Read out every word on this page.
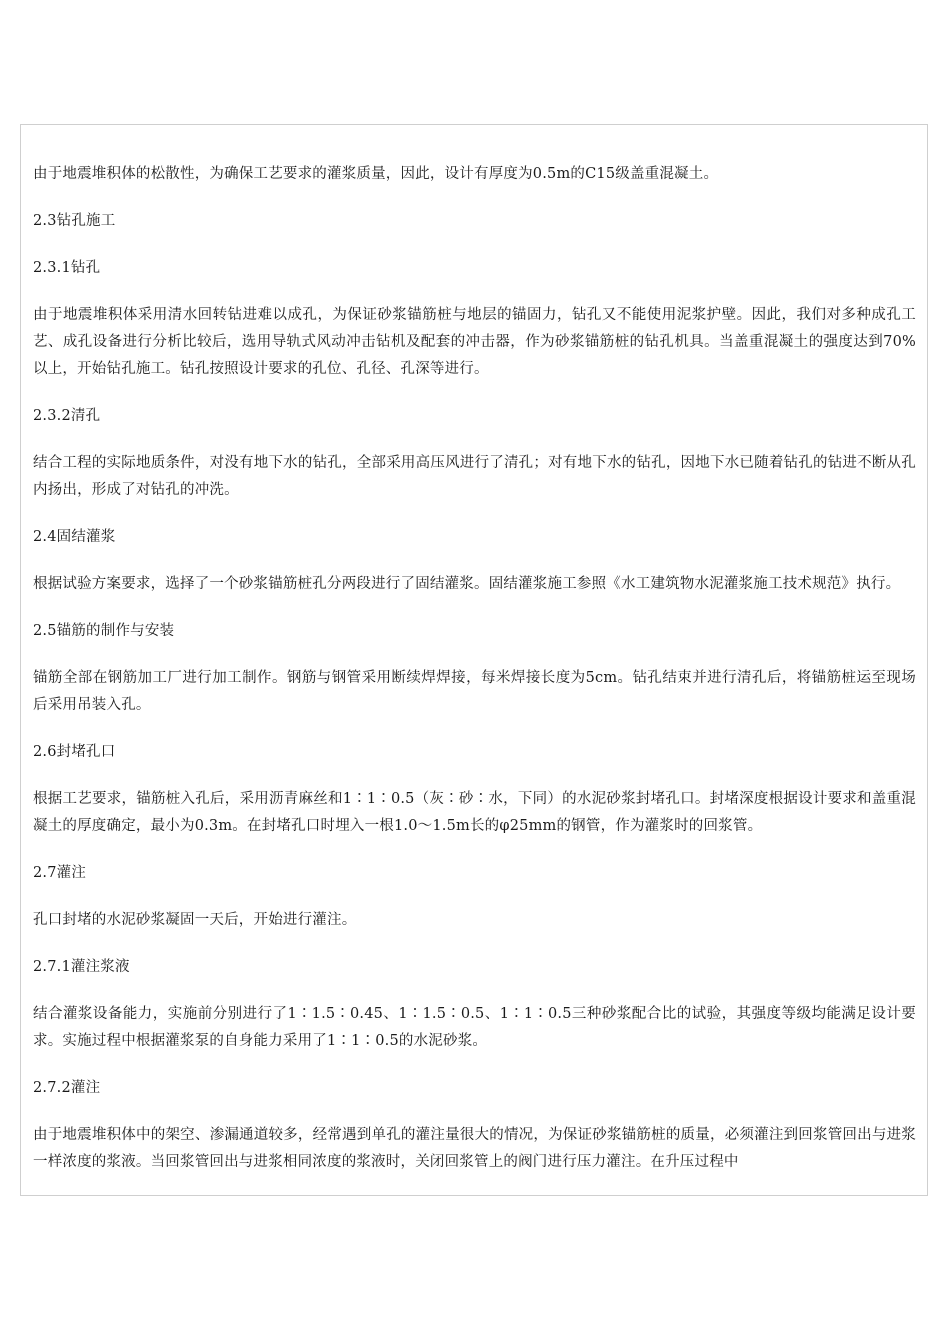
由于地震堆积体的松散性，为确保工艺要求的灌浆质量，因此，设计有厚度为0.5m的C15级盖重混凝土。

2.3钻孔施工

2.3.1钻孔

由于地震堆积体采用清水回转钻进难以成孔，为保证砂浆锚筋桩与地层的锚固力，钻孔又不能使用泥浆护壁。因此，我们对多种成孔工艺、成孔设备进行分析比较后，选用导轨式风动冲击钻机及配套的冲击器，作为砂浆锚筋桩的钻孔机具。当盖重混凝土的强度达到70%以上，开始钻孔施工。钻孔按照设计要求的孔位、孔径、孔深等进行。

2.3.2清孔

结合工程的实际地质条件，对没有地下水的钻孔，全部采用高压风进行了清孔；对有地下水的钻孔，因地下水已随着钻孔的钻进不断从孔内扬出，形成了对钻孔的冲洗。

2.4固结灌浆

根据试验方案要求，选择了一个砂浆锚筋桩孔分两段进行了固结灌浆。固结灌浆施工参照《水工建筑物水泥灌浆施工技术规范》执行。

2.5锚筋的制作与安装

锚筋全部在钢筋加工厂进行加工制作。钢筋与钢管采用断续焊焊接，每米焊接长度为5cm。钻孔结束并进行清孔后，将锚筋桩运至现场后采用吊装入孔。

2.6封堵孔口

根据工艺要求，锚筋桩入孔后，采用沥青麻丝和1∶1∶0.5（灰∶砂∶水，下同）的水泥砂浆封堵孔口。封堵深度根据设计要求和盖重混凝土的厚度确定，最小为0.3m。在封堵孔口时埋入一根1.0～1.5m长的φ25mm的钢管，作为灌浆时的回浆管。

2.7灌注

孔口封堵的水泥砂浆凝固一天后，开始进行灌注。

2.7.1灌注浆液

结合灌浆设备能力，实施前分别进行了1∶1.5∶0.45、1∶1.5∶0.5、1∶1∶0.5三种砂浆配合比的试验，其强度等级均能满足设计要求。实施过程中根据灌浆泵的自身能力采用了1∶1∶0.5的水泥砂浆。

2.7.2灌注

由于地震堆积体中的架空、渗漏通道较多，经常遇到单孔的灌注量很大的情况，为保证砂浆锚筋桩的质量，必须灌注到回浆管回出与进浆一样浓度的浆液。当回浆管回出与进浆相同浓度的浆液时，关闭回浆管上的阀门进行压力灌注。在升压过程中
